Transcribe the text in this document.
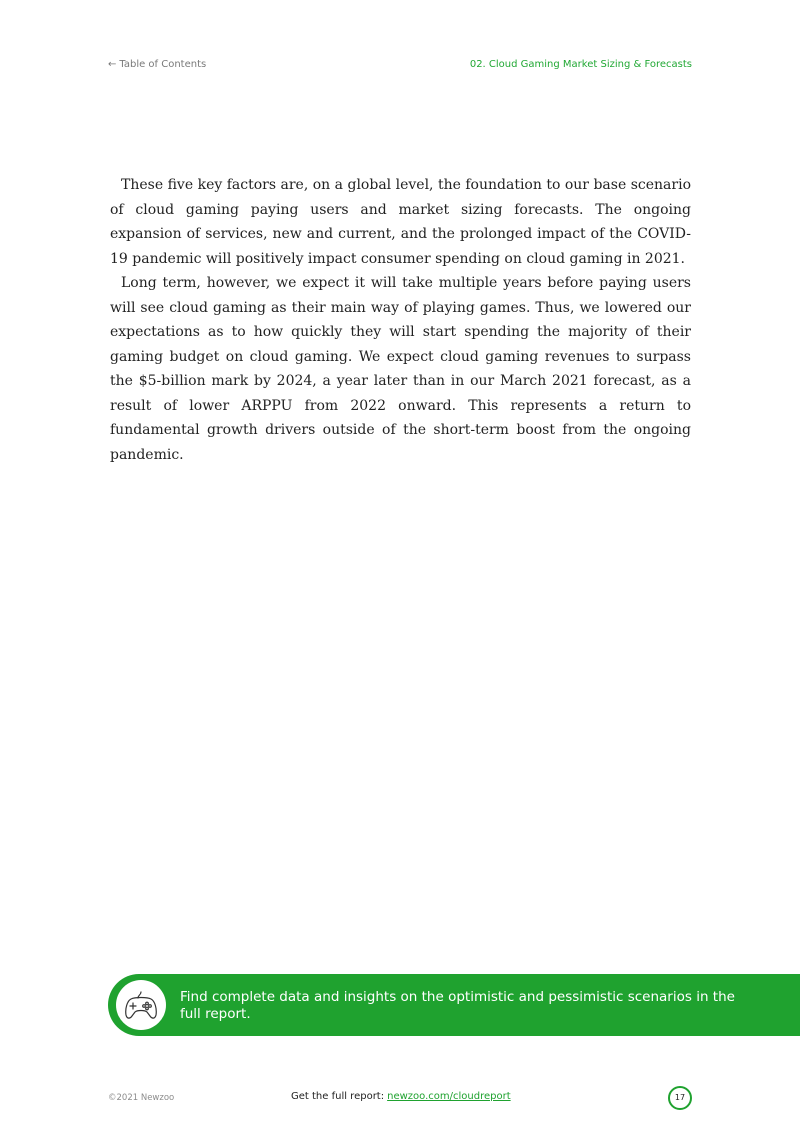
← Table of Contents	02. Cloud Gaming Market Sizing & Forecasts

These five key factors are, on a global level, the foundation to our base scenario of cloud gaming paying users and market sizing forecasts. The ongoing expansion of services, new and current, and the prolonged impact of the COVID-19 pandemic will positively impact consumer spending on cloud gaming in 2021.

Long term, however, we expect it will take multiple years before paying users will see cloud gaming as their main way of playing games. Thus, we lowered our expectations as to how quickly they will start spending the majority of their gaming budget on cloud gaming. We expect cloud gaming revenues to surpass the $5-billion mark by 2024, a year later than in our March 2021 forecast, as a result of lower ARPPU from 2022 onward. This represents a return to fundamental growth drivers outside of the short-term boost from the ongoing pandemic.

Find complete data and insights on the optimistic and pessimistic scenarios in the full report.
©2021 Newzoo	Get the full report: newzoo.com/cloudreport	17
